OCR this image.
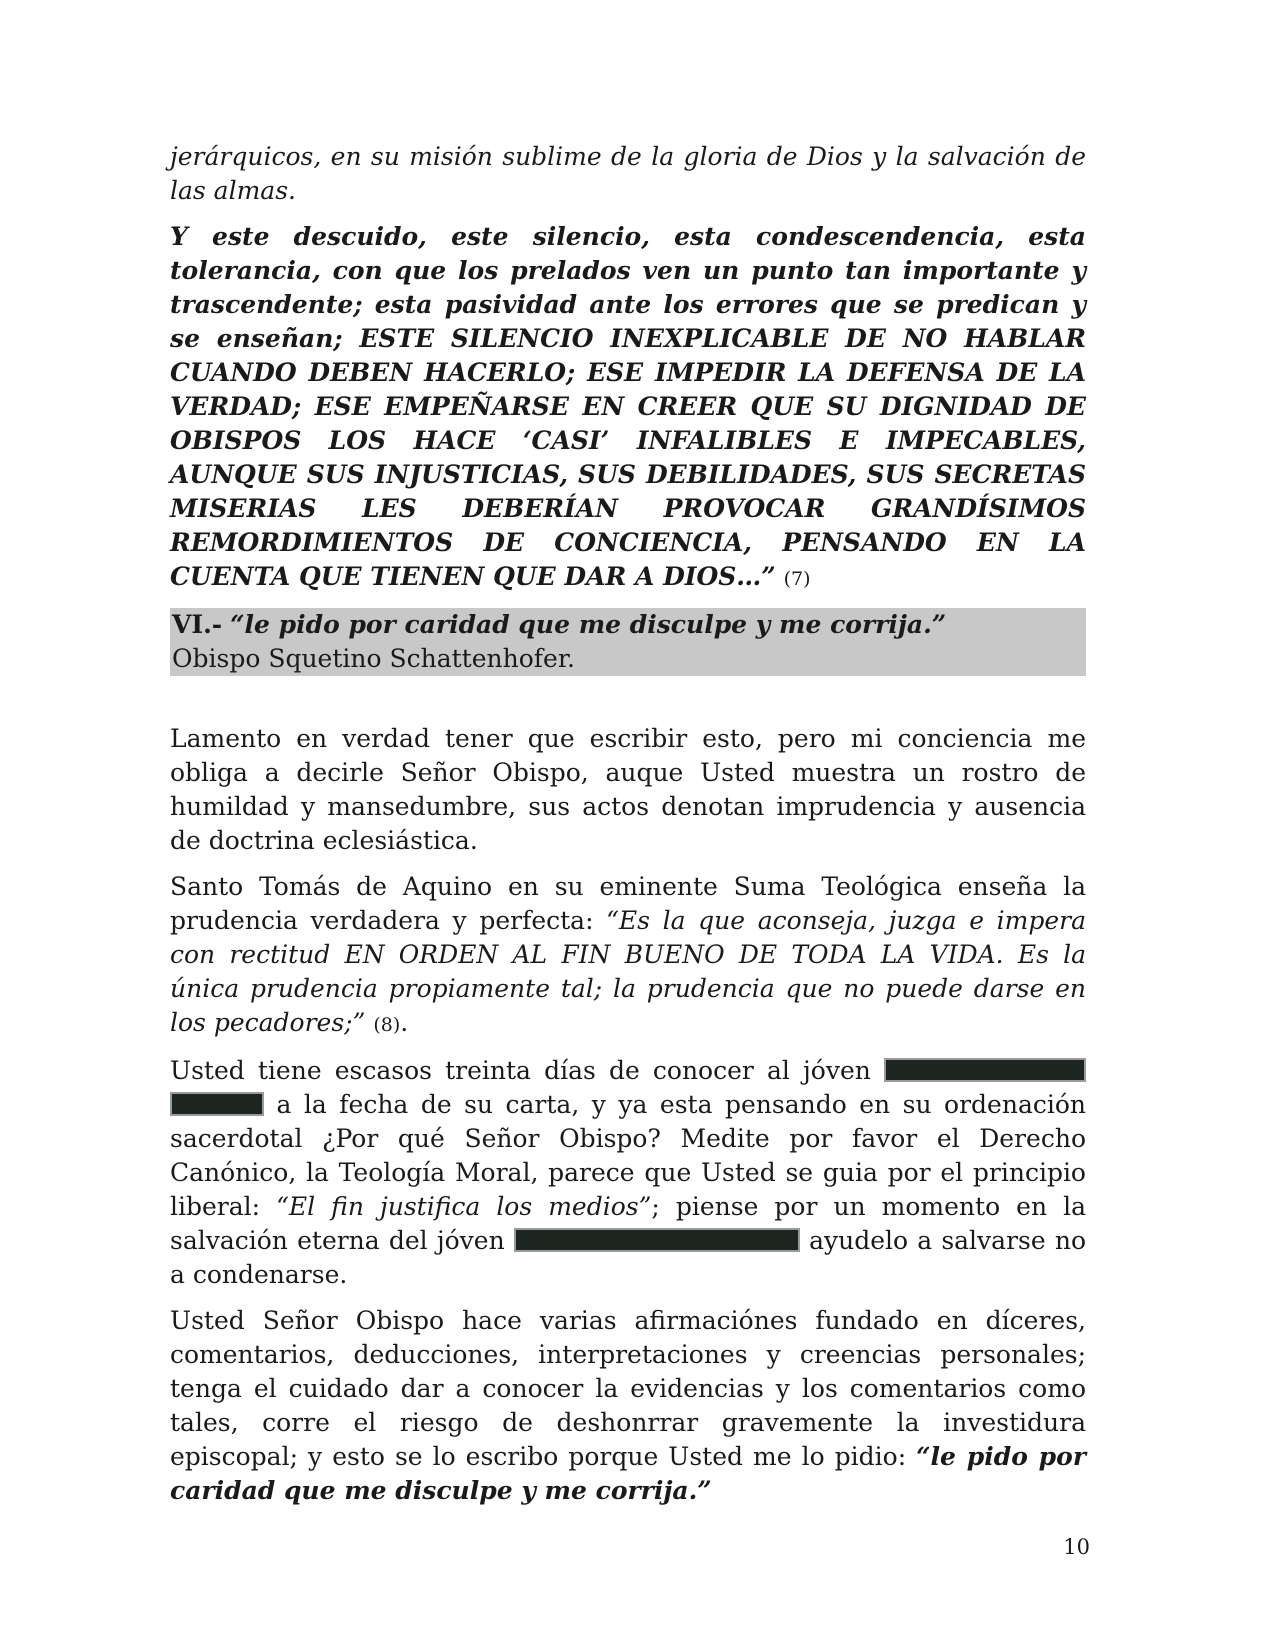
jerárquicos, en su misión sublime de la gloria de Dios y la salvación de las almas.

Y este descuido, este silencio, esta condescendencia, esta tolerancia, con que los prelados ven un punto tan importante y trascendente; esta pasividad ante los errores que se predican y se enseñan; ESTE SILENCIO INEXPLICABLE DE NO HABLAR CUANDO DEBEN HACERLO; ESE IMPEDIR LA DEFENSA DE LA VERDAD; ESE EMPEÑARSE EN CREER QUE SU DIGNIDAD DE OBISPOS LOS HACE ‘CASI’ INFALIBLES E IMPECABLES, AUNQUE SUS INJUSTICIAS, SUS DEBILIDADES, SUS SECRETAS MISERIAS LES DEBERÍAN PROVOCAR GRANDÍSIMOS REMORDIMIENTOS DE CONCIENCIA, PENSANDO EN LA CUENTA QUE TIENEN QUE DAR A DIOS…” (7)

VI.- “le pido por caridad que me disculpe y me corrija.”
Obispo Squetino Schattenhofer.

Lamento en verdad tener que escribir esto, pero mi conciencia me obliga a decirle Señor Obispo, auque Usted muestra un rostro de humildad y mansedumbre, sus actos denotan imprudencia y ausencia de doctrina eclesiástica.

Santo Tomás de Aquino en su eminente Suma Teológica enseña la prudencia verdadera y perfecta: “Es la que aconseja, juzga e impera con rectitud EN ORDEN AL FIN BUENO DE TODA LA VIDA. Es la única prudencia propiamente tal; la prudencia que no puede darse en los pecadores;” (8).

Usted tiene escasos treinta días de conocer al jóven   a la fecha de su carta, y ya esta pensando en su ordenación sacerdotal ¿Por qué Señor Obispo? Medite por favor el Derecho Canónico, la Teología Moral, parece que Usted se guia por el principio liberal: “El fin justifica los medios”; piense por un momento en la salvación eterna del jóven	ayudelo a salvarse no a condenarse.

Usted Señor Obispo hace varias afirmaciónes fundado en díceres, comentarios, deducciones, interpretaciones y creencias personales; tenga el cuidado dar a conocer la evidencias y los comentarios como tales, corre el riesgo de deshonrrar gravemente la investidura episcopal; y esto se lo escribo porque Usted me lo pidio: “le pido por caridad que me disculpe y me corrija.”

10
